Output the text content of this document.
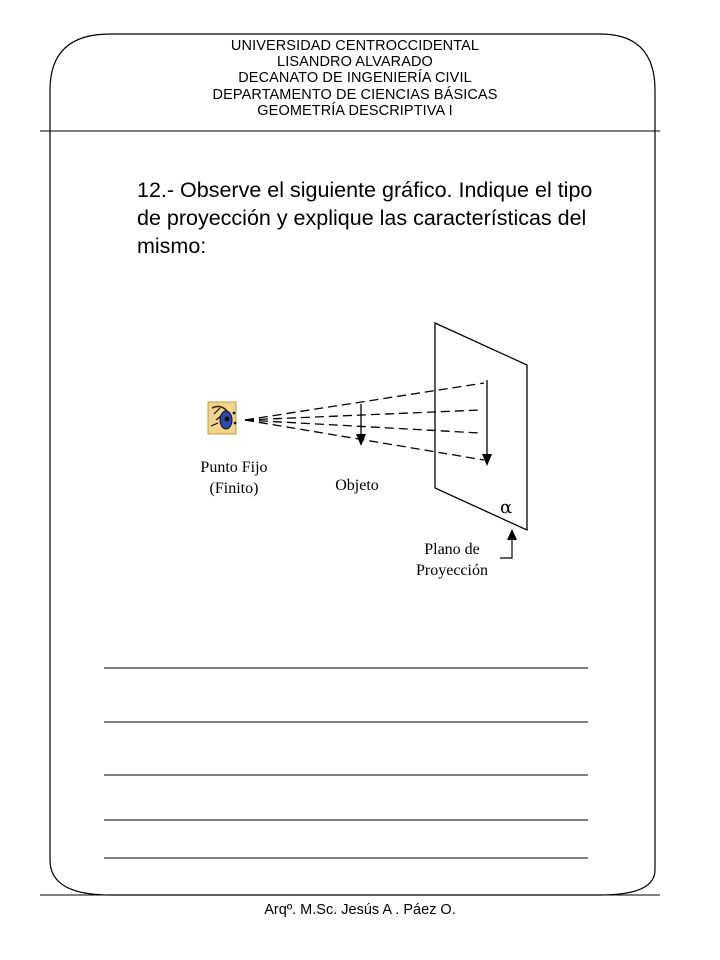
UNIVERSIDAD CENTROCCIDENTAL
LISANDRO ALVARADO
DECANATO DE INGENIERÍA CIVIL
DEPARTAMENTO DE CIENCIAS BÁSICAS
GEOMETRÍA DESCRIPTIVA I
12.- Observe el siguiente gráfico. Indique el tipo de proyección y explique las características del mismo:
Punto Fijo
(Finito)	Objeto
α
Plano de
Proyección
Arqº. M.Sc. Jesús A . Páez O.
